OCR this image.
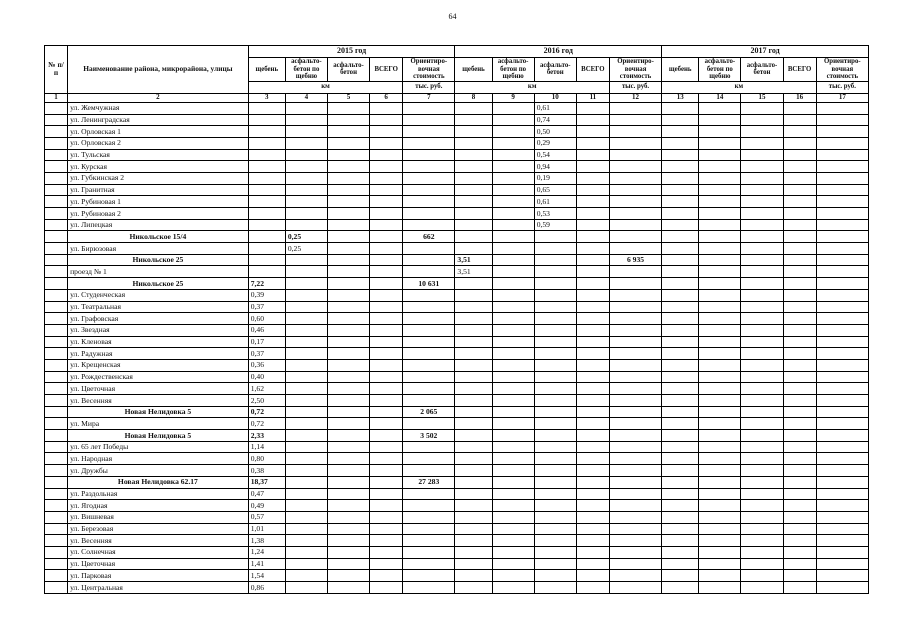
64
№ п/п	Наименование района, микрорайона, улицы	2015 год					2016 год					2017 год				
		щебень	асфальто-бетон по щебню	асфальто-бетон	ВСЕГО	Ориентиро-вочная стоимость	щебень	асфальто-бетон по щебню	асфальто-бетон	ВСЕГО	Ориентиро-вочная стоимость	щебень	асфальто-бетон по щебню	асфальто-бетон	ВСЕГО	Ориентиро-вочная стоимость
		км				тыс. руб.	км				тыс. руб.	км				тыс. руб.
1	2	3	4	5	6	7	8	9	10	11	12	13	14	15	16	17
	ул. Жемчужная								0,61							
	ул. Ленинградская								0,74							
	ул. Орловская 1								0,50							
	ул. Орловская 2								0,29							
	ул. Тульская								0,54							
	ул. Курская								0,94							
	ул. Губкинская 2								0,19							
	ул. Гранитная								0,65							
	ул. Рубиновая 1								0,61							
	ул. Рубиновая 2								0,53							
	ул. Липецкая								0,59							
	Никольское 15/4		0,25			662										
	ул. Бирюзовая		0,25													
	Никольское 25						3,51				6 935					
	проезд № 1						3,51									
	Никольское 25	7,22				10 631										
	ул. Студенческая	0,39														
	ул. Театральная	0,37														
	ул. Графовская	0,60														
	ул. Звездная	0,46														
	ул. Кленовая	0,17														
	ул. Радужная	0,37														
	ул. Крещенская	0,36														
	ул. Рождественская	0,40														
	ул. Цветочная	1,62														
	ул. Весенняя	2,50														
	Новая Нелидовка 5	0,72				2 065										
	ул. Мира	0,72														
	Новая Нелидовка 5	2,33				3 502										
	ул. 65 лет Победы	1,14														
	ул. Народная	0,80														
	ул. Дружбы	0,38														
	Новая Нелидовка 62.17	18,37				27 283										
	ул. Раздольная	0,47														
	ул. Ягодная	0,49														
	ул. Вишневая	0,57														
	ул. Березовая	1,01														
	ул. Весенняя	1,38														
	ул. Солнечная	1,24														
	ул. Цветочная	1,41														
	ул. Парковая	1,54														
	ул. Центральная	0,86														
